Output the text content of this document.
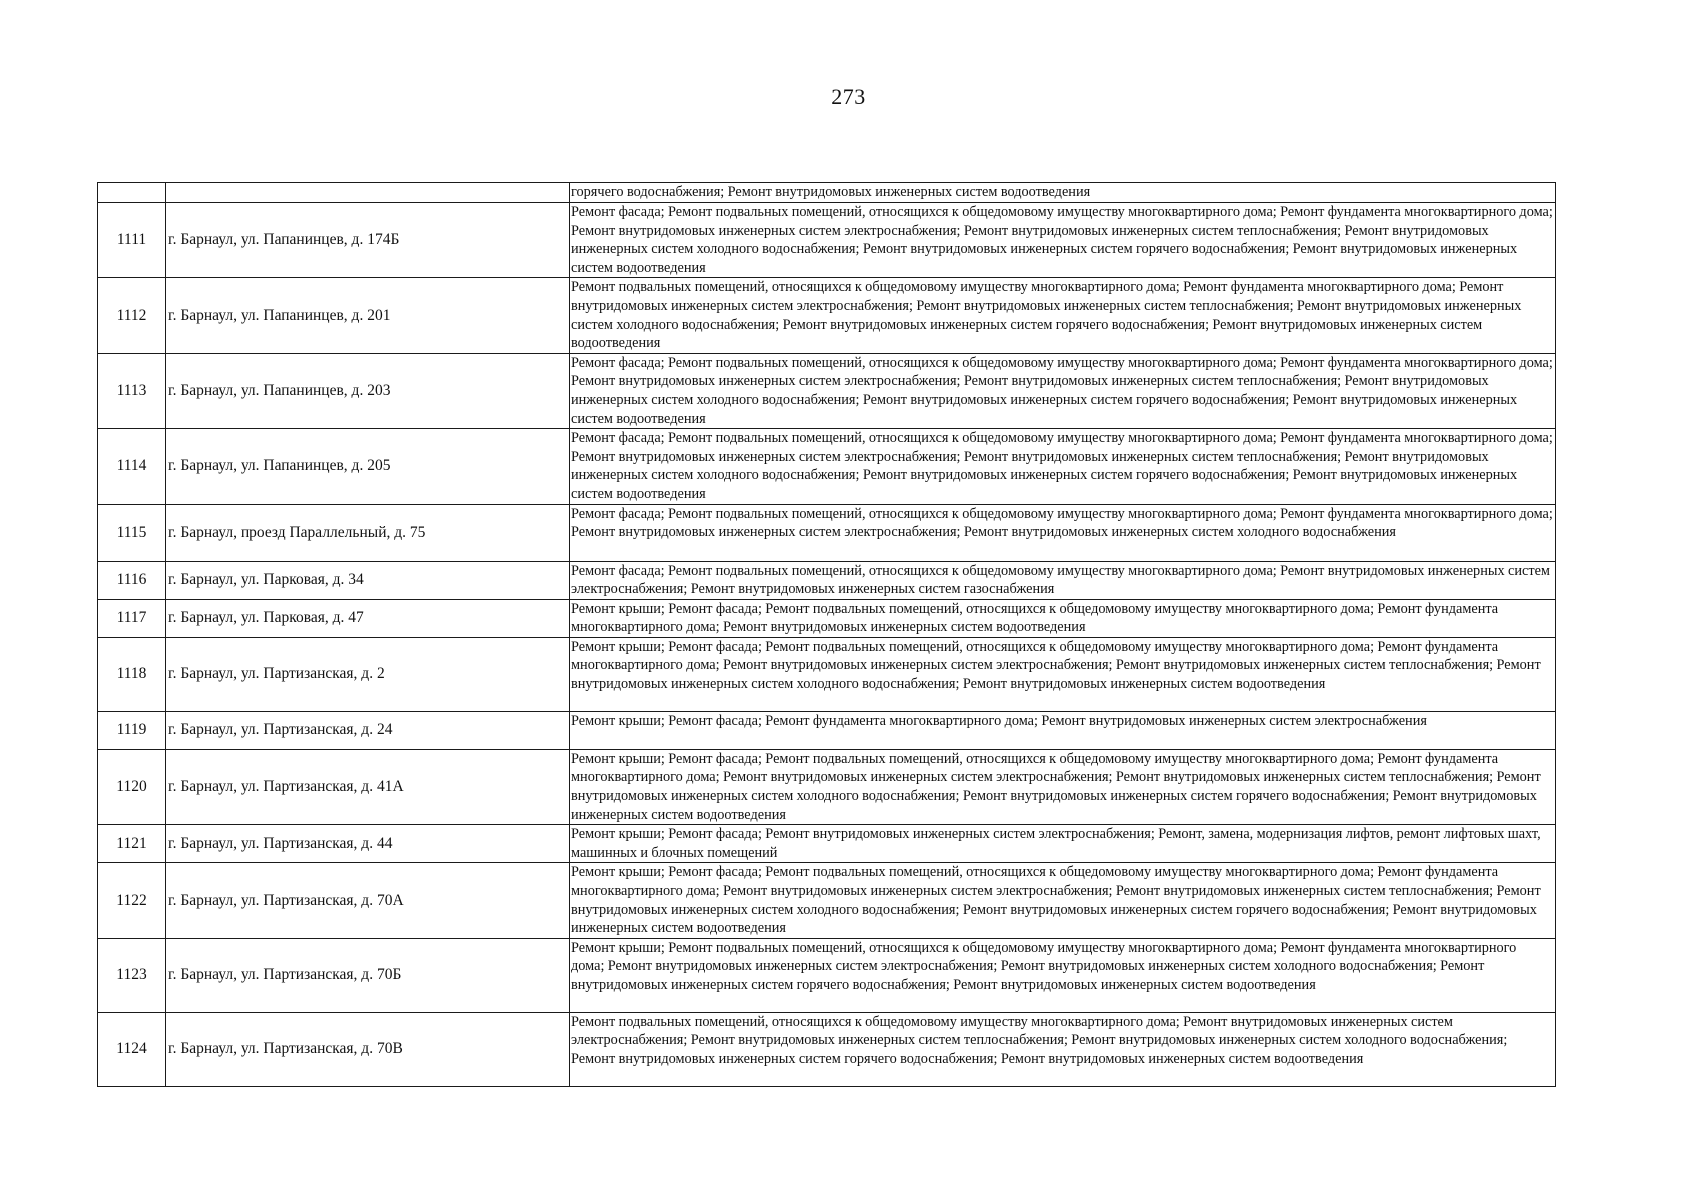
273
		горячего водоснабжения; Ремонт внутридомовых инженерных систем водоотведения
1111	г. Барнаул, ул. Папанинцев, д. 174Б	Ремонт фасада; Ремонт подвальных помещений, относящихся к общедомовому имуществу многоквартирного дома; Ремонт фундамента многоквартирного дома; Ремонт внутридомовых инженерных систем электроснабжения; Ремонт внутридомовых инженерных систем теплоснабжения; Ремонт внутридомовых инженерных систем холодного водоснабжения; Ремонт внутридомовых инженерных систем горячего водоснабжения; Ремонт внутридомовых инженерных систем водоотведения
1112	г. Барнаул, ул. Папанинцев, д. 201	Ремонт подвальных помещений, относящихся к общедомовому имуществу многоквартирного дома; Ремонт фундамента многоквартирного дома; Ремонт внутридомовых инженерных систем электроснабжения; Ремонт внутридомовых инженерных систем теплоснабжения; Ремонт внутридомовых инженерных систем холодного водоснабжения; Ремонт внутридомовых инженерных систем горячего водоснабжения; Ремонт внутридомовых инженерных систем водоотведения
1113	г. Барнаул, ул. Папанинцев, д. 203	Ремонт фасада; Ремонт подвальных помещений, относящихся к общедомовому имуществу многоквартирного дома; Ремонт фундамента многоквартирного дома; Ремонт внутридомовых инженерных систем электроснабжения; Ремонт внутридомовых инженерных систем теплоснабжения; Ремонт внутридомовых инженерных систем холодного водоснабжения; Ремонт внутридомовых инженерных систем горячего водоснабжения; Ремонт внутридомовых инженерных систем водоотведения
1114	г. Барнаул, ул. Папанинцев, д. 205	Ремонт фасада; Ремонт подвальных помещений, относящихся к общедомовому имуществу многоквартирного дома; Ремонт фундамента многоквартирного дома; Ремонт внутридомовых инженерных систем электроснабжения; Ремонт внутридомовых инженерных систем теплоснабжения; Ремонт внутридомовых инженерных систем холодного водоснабжения; Ремонт внутридомовых инженерных систем горячего водоснабжения; Ремонт внутридомовых инженерных систем водоотведения
1115	г. Барнаул, проезд Параллельный, д. 75	Ремонт фасада; Ремонт подвальных помещений, относящихся к общедомовому имуществу многоквартирного дома; Ремонт фундамента многоквартирного дома; Ремонт внутридомовых инженерных систем электроснабжения; Ремонт внутридомовых инженерных систем холодного водоснабжения
1116	г. Барнаул, ул. Парковая, д. 34	Ремонт фасада; Ремонт подвальных помещений, относящихся к общедомовому имуществу многоквартирного дома; Ремонт внутридомовых инженерных систем электроснабжения; Ремонт внутридомовых инженерных систем газоснабжения
1117	г. Барнаул, ул. Парковая, д. 47	Ремонт крыши; Ремонт фасада; Ремонт подвальных помещений, относящихся к общедомовому имуществу многоквартирного дома; Ремонт фундамента многоквартирного дома; Ремонт внутридомовых инженерных систем водоотведения
1118	г. Барнаул, ул. Партизанская, д. 2	Ремонт крыши; Ремонт фасада; Ремонт подвальных помещений, относящихся к общедомовому имуществу многоквартирного дома; Ремонт фундамента многоквартирного дома; Ремонт внутридомовых инженерных систем электроснабжения; Ремонт внутридомовых инженерных систем теплоснабжения; Ремонт внутридомовых инженерных систем холодного водоснабжения; Ремонт внутридомовых инженерных систем водоотведения
1119	г. Барнаул, ул. Партизанская, д. 24	Ремонт крыши; Ремонт фасада; Ремонт фундамента многоквартирного дома; Ремонт внутридомовых инженерных систем электроснабжения
1120	г. Барнаул, ул. Партизанская, д. 41А	Ремонт крыши; Ремонт фасада; Ремонт подвальных помещений, относящихся к общедомовому имуществу многоквартирного дома; Ремонт фундамента многоквартирного дома; Ремонт внутридомовых инженерных систем электроснабжения; Ремонт внутридомовых инженерных систем теплоснабжения; Ремонт внутридомовых инженерных систем холодного водоснабжения; Ремонт внутридомовых инженерных систем горячего водоснабжения; Ремонт внутридомовых инженерных систем водоотведения
1121	г. Барнаул, ул. Партизанская, д. 44	Ремонт крыши; Ремонт фасада; Ремонт внутридомовых инженерных систем электроснабжения; Ремонт, замена, модернизация лифтов, ремонт лифтовых шахт, машинных и блочных помещений
1122	г. Барнаул, ул. Партизанская, д. 70А	Ремонт крыши; Ремонт фасада; Ремонт подвальных помещений, относящихся к общедомовому имуществу многоквартирного дома; Ремонт фундамента многоквартирного дома; Ремонт внутридомовых инженерных систем электроснабжения; Ремонт внутридомовых инженерных систем теплоснабжения; Ремонт внутридомовых инженерных систем холодного водоснабжения; Ремонт внутридомовых инженерных систем горячего водоснабжения; Ремонт внутридомовых инженерных систем водоотведения
1123	г. Барнаул, ул. Партизанская, д. 70Б	Ремонт крыши; Ремонт подвальных помещений, относящихся к общедомовому имуществу многоквартирного дома; Ремонт фундамента многоквартирного дома; Ремонт внутридомовых инженерных систем электроснабжения; Ремонт внутридомовых инженерных систем холодного водоснабжения; Ремонт внутридомовых инженерных систем горячего водоснабжения; Ремонт внутридомовых инженерных систем водоотведения
1124	г. Барнаул, ул. Партизанская, д. 70В	Ремонт подвальных помещений, относящихся к общедомовому имуществу многоквартирного дома; Ремонт внутридомовых инженерных систем электроснабжения; Ремонт внутридомовых инженерных систем теплоснабжения; Ремонт внутридомовых инженерных систем холодного водоснабжения; Ремонт внутридомовых инженерных систем горячего водоснабжения; Ремонт внутридомовых инженерных систем водоотведения
